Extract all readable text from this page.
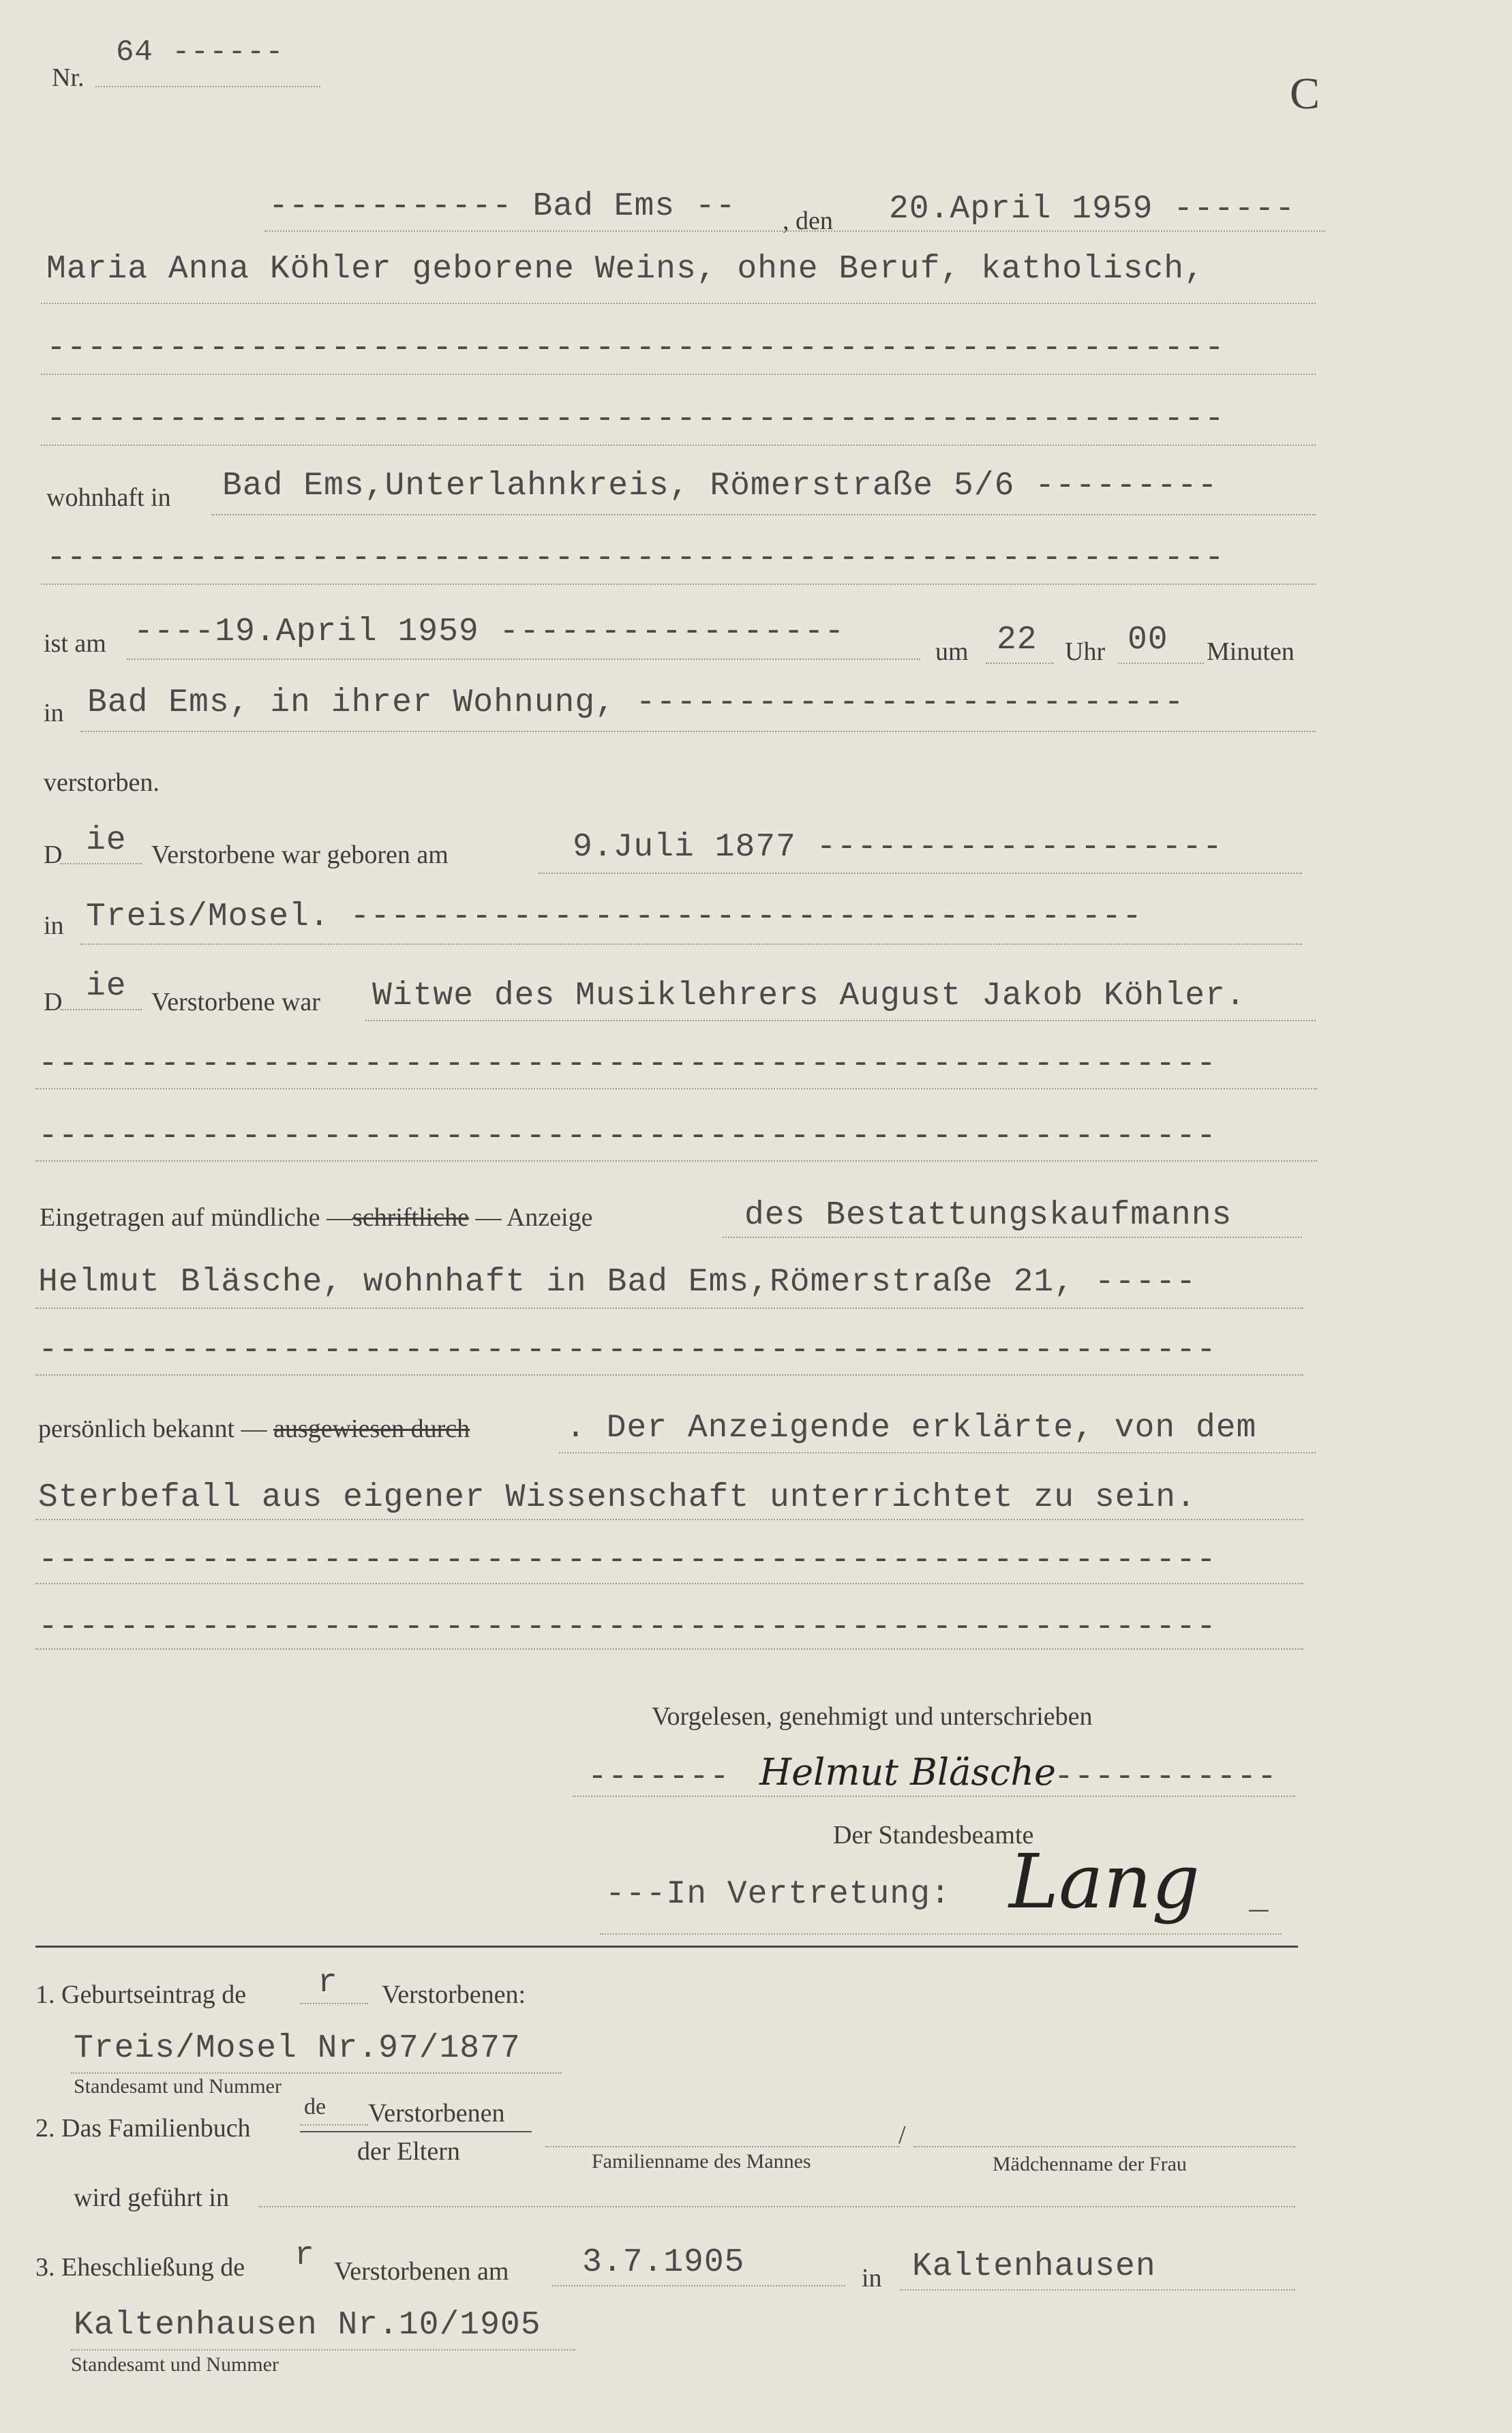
Nr.
64 ------
C
------------ Bad Ems -- , den 20.April 1959 ------
Maria Anna Köhler geborene Weins, ohne Beruf, katholisch,
----------------------------------------------------------
----------------------------------------------------------
wohnhaft in Bad Ems,Unterlahnkreis, Römerstraße 5/6 ---------
----------------------------------------------------------
ist am ----19.April 1959 -----------------
um 22 Uhr 00 Minuten
in Bad Ems, in ihrer Wohnung, ---------------------------
verstorben.
D ie Verstorbene war geboren am	9.Juli 1877 --------------------
in Treis/Mosel. ---------------------------------------
D ie Verstorbene war Witwe des Musiklehrers August Jakob Köhler.
----------------------------------------------------------
----------------------------------------------------------
Eingetragen auf mündliche —schriftliche — Anzeige	des Bestattungskaufmanns
Helmut Bläsche, wohnhaft in Bad Ems,Römerstraße 21, -----
----------------------------------------------------------
persönlich bekannt — ausgewiesen durch	. Der Anzeigende erklärte, von dem
Sterbefall aus eigener Wissenschaft unterrichtet zu sein.
----------------------------------------------------------
----------------------------------------------------------
Vorgelesen, genehmigt und unterschrieben
------- Helmut Bläsche
-----------
Der Standesbeamte
---In Vertretung: Lang _
1. Geburtseintrag de r Verstorbenen:
Treis/Mosel Nr.97/1877
Standesamt und Nummer
2. Das Familienbuch
de Verstorbenen
der Eltern	Familienname des Mannes
/
Mädchenname der Frau
wird geführt in
3. Eheschließung de r Verstorbenen am 3.7.1905	in Kaltenhausen
Kaltenhausen Nr.10/1905
Standesamt und Nummer
